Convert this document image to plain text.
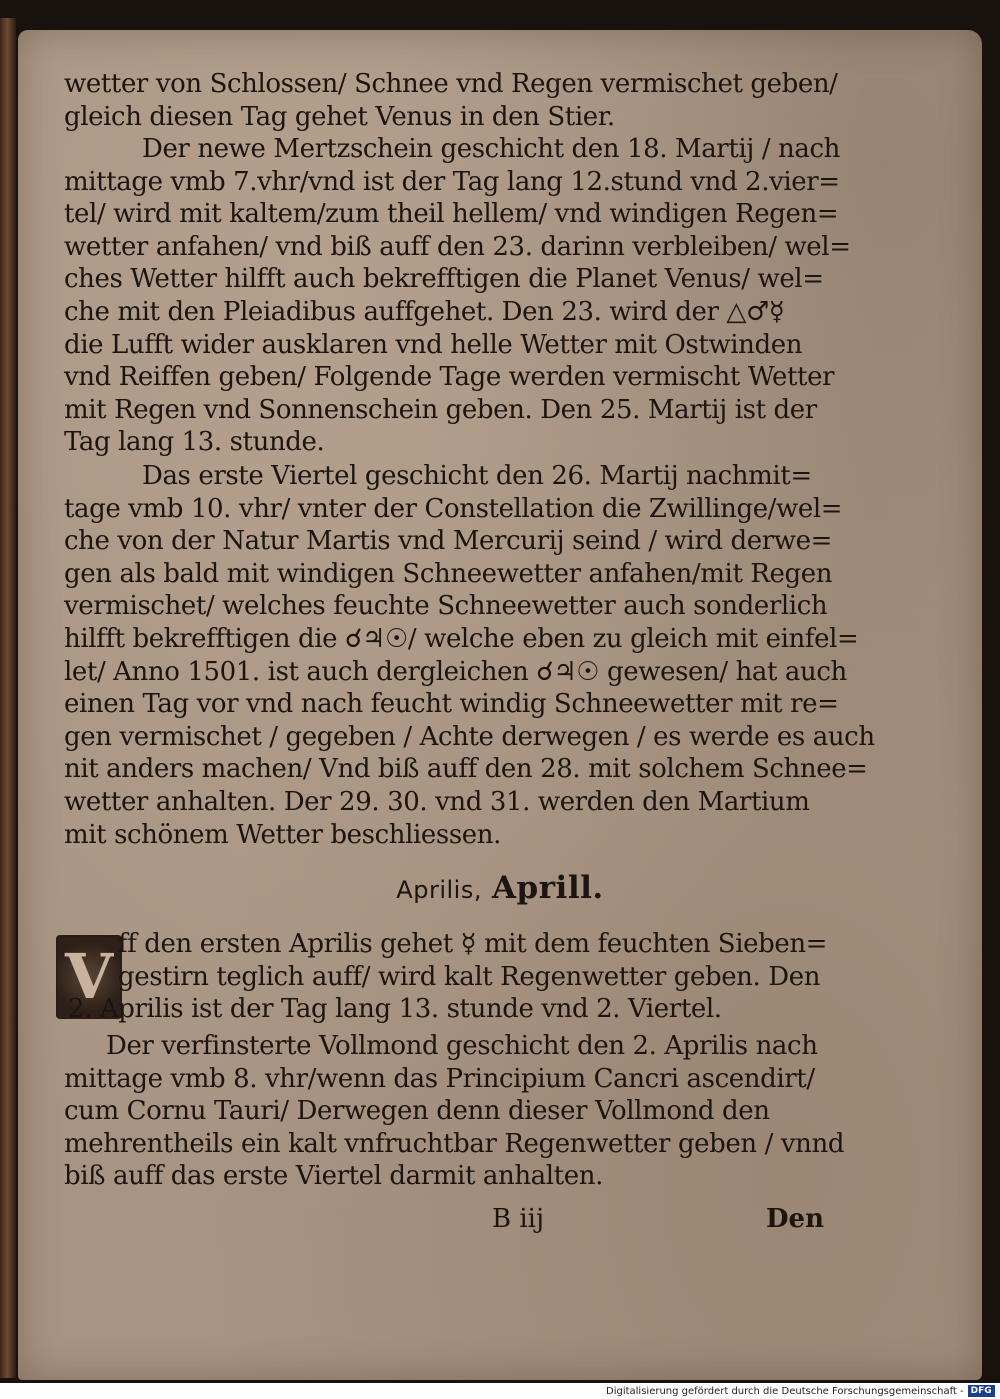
wetter von Schlossen/ Schnee vnd Regen vermischet geben/
gleich diesen Tag gehet Venus in den Stier.
Der newe Mertzschein geschicht den 18. Martij / nach
mittage vmb 7.vhr/vnd ist der Tag lang 12.stund vnd 2.vier=
tel/ wird mit kaltem/zum theil hellem/ vnd windigen Regen=
wetter anfahen/ vnd biß auff den 23. darinn verbleiben/ wel=
ches Wetter hilfft auch bekrefftigen die Planet Venus/ wel=
che mit den Pleiadibus auffgehet. Den 23. wird der △♂☿
die Lufft wider ausklaren vnd helle Wetter mit Ostwinden
vnd Reiffen geben/ Folgende Tage werden vermischt Wetter
mit Regen vnd Sonnenschein geben. Den 25. Martij ist der
Tag lang 13. stunde.
Das erste Viertel geschicht den 26. Martij nachmit=
tage vmb 10. vhr/ vnter der Constellation die Zwillinge/wel=
che von der Natur Martis vnd Mercurij seind / wird derwe=
gen als bald mit windigen Schneewetter anfahen/mit Regen
vermischet/ welches feuchte Schneewetter auch sonderlich
hilfft bekrefftigen die ☌♃☉/ welche eben zu gleich mit einfel=
let/ Anno 1501. ist auch dergleichen ☌♃☉ gewesen/ hat auch
einen Tag vor vnd nach feucht windig Schneewetter mit re=
gen vermischet / gegeben / Achte derwegen / es werde es auch
nit anders machen/ Vnd biß auff den 28. mit solchem Schnee=
wetter anhalten. Der 29. 30. vnd 31. werden den Martium
mit schönem Wetter beschliessen.
Aprilis, Aprill.
V ff den ersten Aprilis gehet ☿ mit dem feuchten Sieben=
gestirn teglich auff/ wird kalt Regenwetter geben. Den
2. Aprilis ist der Tag lang 13. stunde vnd 2. Viertel.
Der verfinsterte Vollmond geschicht den 2. Aprilis nach
mittage vmb 8. vhr/wenn das Principium Cancri ascendirt/
cum Cornu Tauri/ Derwegen denn dieser Vollmond den
mehrentheils ein kalt vnfruchtbar Regenwetter geben / vnnd
biß auff das erste Viertel darmit anhalten.
B iij	Den
Digitalisierung gefördert durch die Deutsche Forschungsgemeinschaft - DFG
